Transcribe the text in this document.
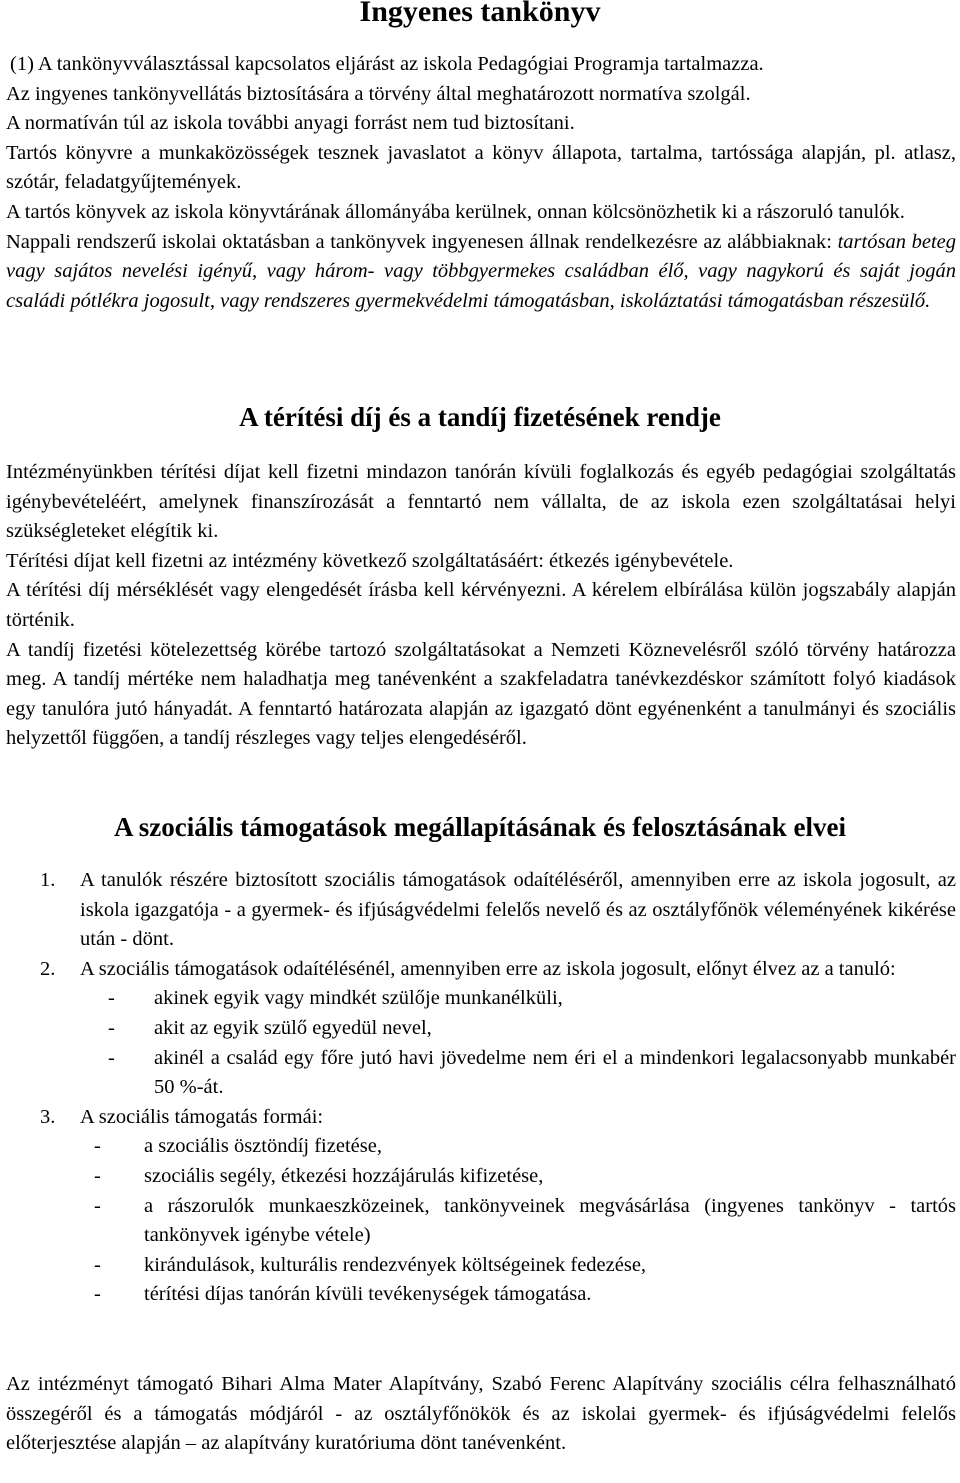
Ingyenes tankönyv

(1) A tankönyvválasztással kapcsolatos eljárást az iskola Pedagógiai Programja tartalmazza.

Az ingyenes tankönyvellátás biztosítására a törvény által meghatározott normatíva szolgál.

A normatíván túl az iskola további anyagi forrást nem tud biztosítani.

Tartós könyvre a munkaközösségek tesznek javaslatot a könyv állapota, tartalma, tartóssága alapján, pl. atlasz, szótár, feladatgyűjtemények.

A tartós könyvek az iskola könyvtárának állományába kerülnek, onnan kölcsönözhetik ki a rászoruló tanulók.

Nappali rendszerű iskolai oktatásban a tankönyvek ingyenesen állnak rendelkezésre az alábbiaknak: tartósan beteg vagy sajátos nevelési igényű, vagy három- vagy többgyermekes családban élő, vagy nagykorú és saját jogán családi pótlékra jogosult, vagy rendszeres gyermekvédelmi támogatásban, iskoláztatási támogatásban részesülő.

A térítési díj és a tandíj fizetésének rendje

Intézményünkben térítési díjat kell fizetni mindazon tanórán kívüli foglalkozás és egyéb pedagógiai szolgáltatás igénybevételéért, amelynek finanszírozását a fenntartó nem vállalta, de az iskola ezen szolgáltatásai helyi szükségleteket elégítik ki.

Térítési díjat kell fizetni az intézmény következő szolgáltatásáért: étkezés igénybevétele.

A térítési díj mérséklését vagy elengedését írásba kell kérvényezni. A kérelem elbírálása külön jogszabály alapján történik.

A tandíj fizetési kötelezettség körébe tartozó szolgáltatásokat a Nemzeti Köznevelésről szóló törvény határozza meg. A tandíj mértéke nem haladhatja meg tanévenként a szakfeladatra tanévkezdéskor számított folyó kiadások egy tanulóra jutó hányadát. A fenntartó határozata alapján az igazgató dönt egyénenként a tanulmányi és szociális helyzettől függően, a tandíj részleges vagy teljes elengedéséről.

A szociális támogatások megállapításának és felosztásának elvei
1. A tanulók részére biztosított szociális támogatások odaítéléséről, amennyiben erre az iskola jogosult, az iskola igazgatója - a gyermek- és ifjúságvédelmi felelős nevelő és az osztályfőnök véleményének kikérése után - dönt.
2. A szociális támogatások odaítélésénél, amennyiben erre az iskola jogosult, előnyt élvez az a tanuló:
- akinek egyik vagy mindkét szülője munkanélküli,
- akit az egyik szülő egyedül nevel,
- akinél a család egy főre jutó havi jövedelme nem éri el a mindenkori legalacsonyabb munkabér 50 %-át.
3. A szociális támogatás formái:
- a szociális ösztöndíj fizetése,
- szociális segély, étkezési hozzájárulás kifizetése,
- a rászorulók munkaeszközeinek, tankönyveinek megvásárlása (ingyenes tankönyv - tartós tankönyvek igénybe vétele)
- kirándulások, kulturális rendezvények költségeinek fedezése,
- térítési díjas tanórán kívüli tevékenységek támogatása.
Az intézményt támogató Bihari Alma Mater Alapítvány, Szabó Ferenc Alapítvány szociális célra felhasználható összegéről és a támogatás módjáról - az osztályfőnökök és az iskolai gyermek- és ifjúságvédelmi felelős előterjesztése alapján – az alapítvány kuratóriuma dönt tanévenként.
